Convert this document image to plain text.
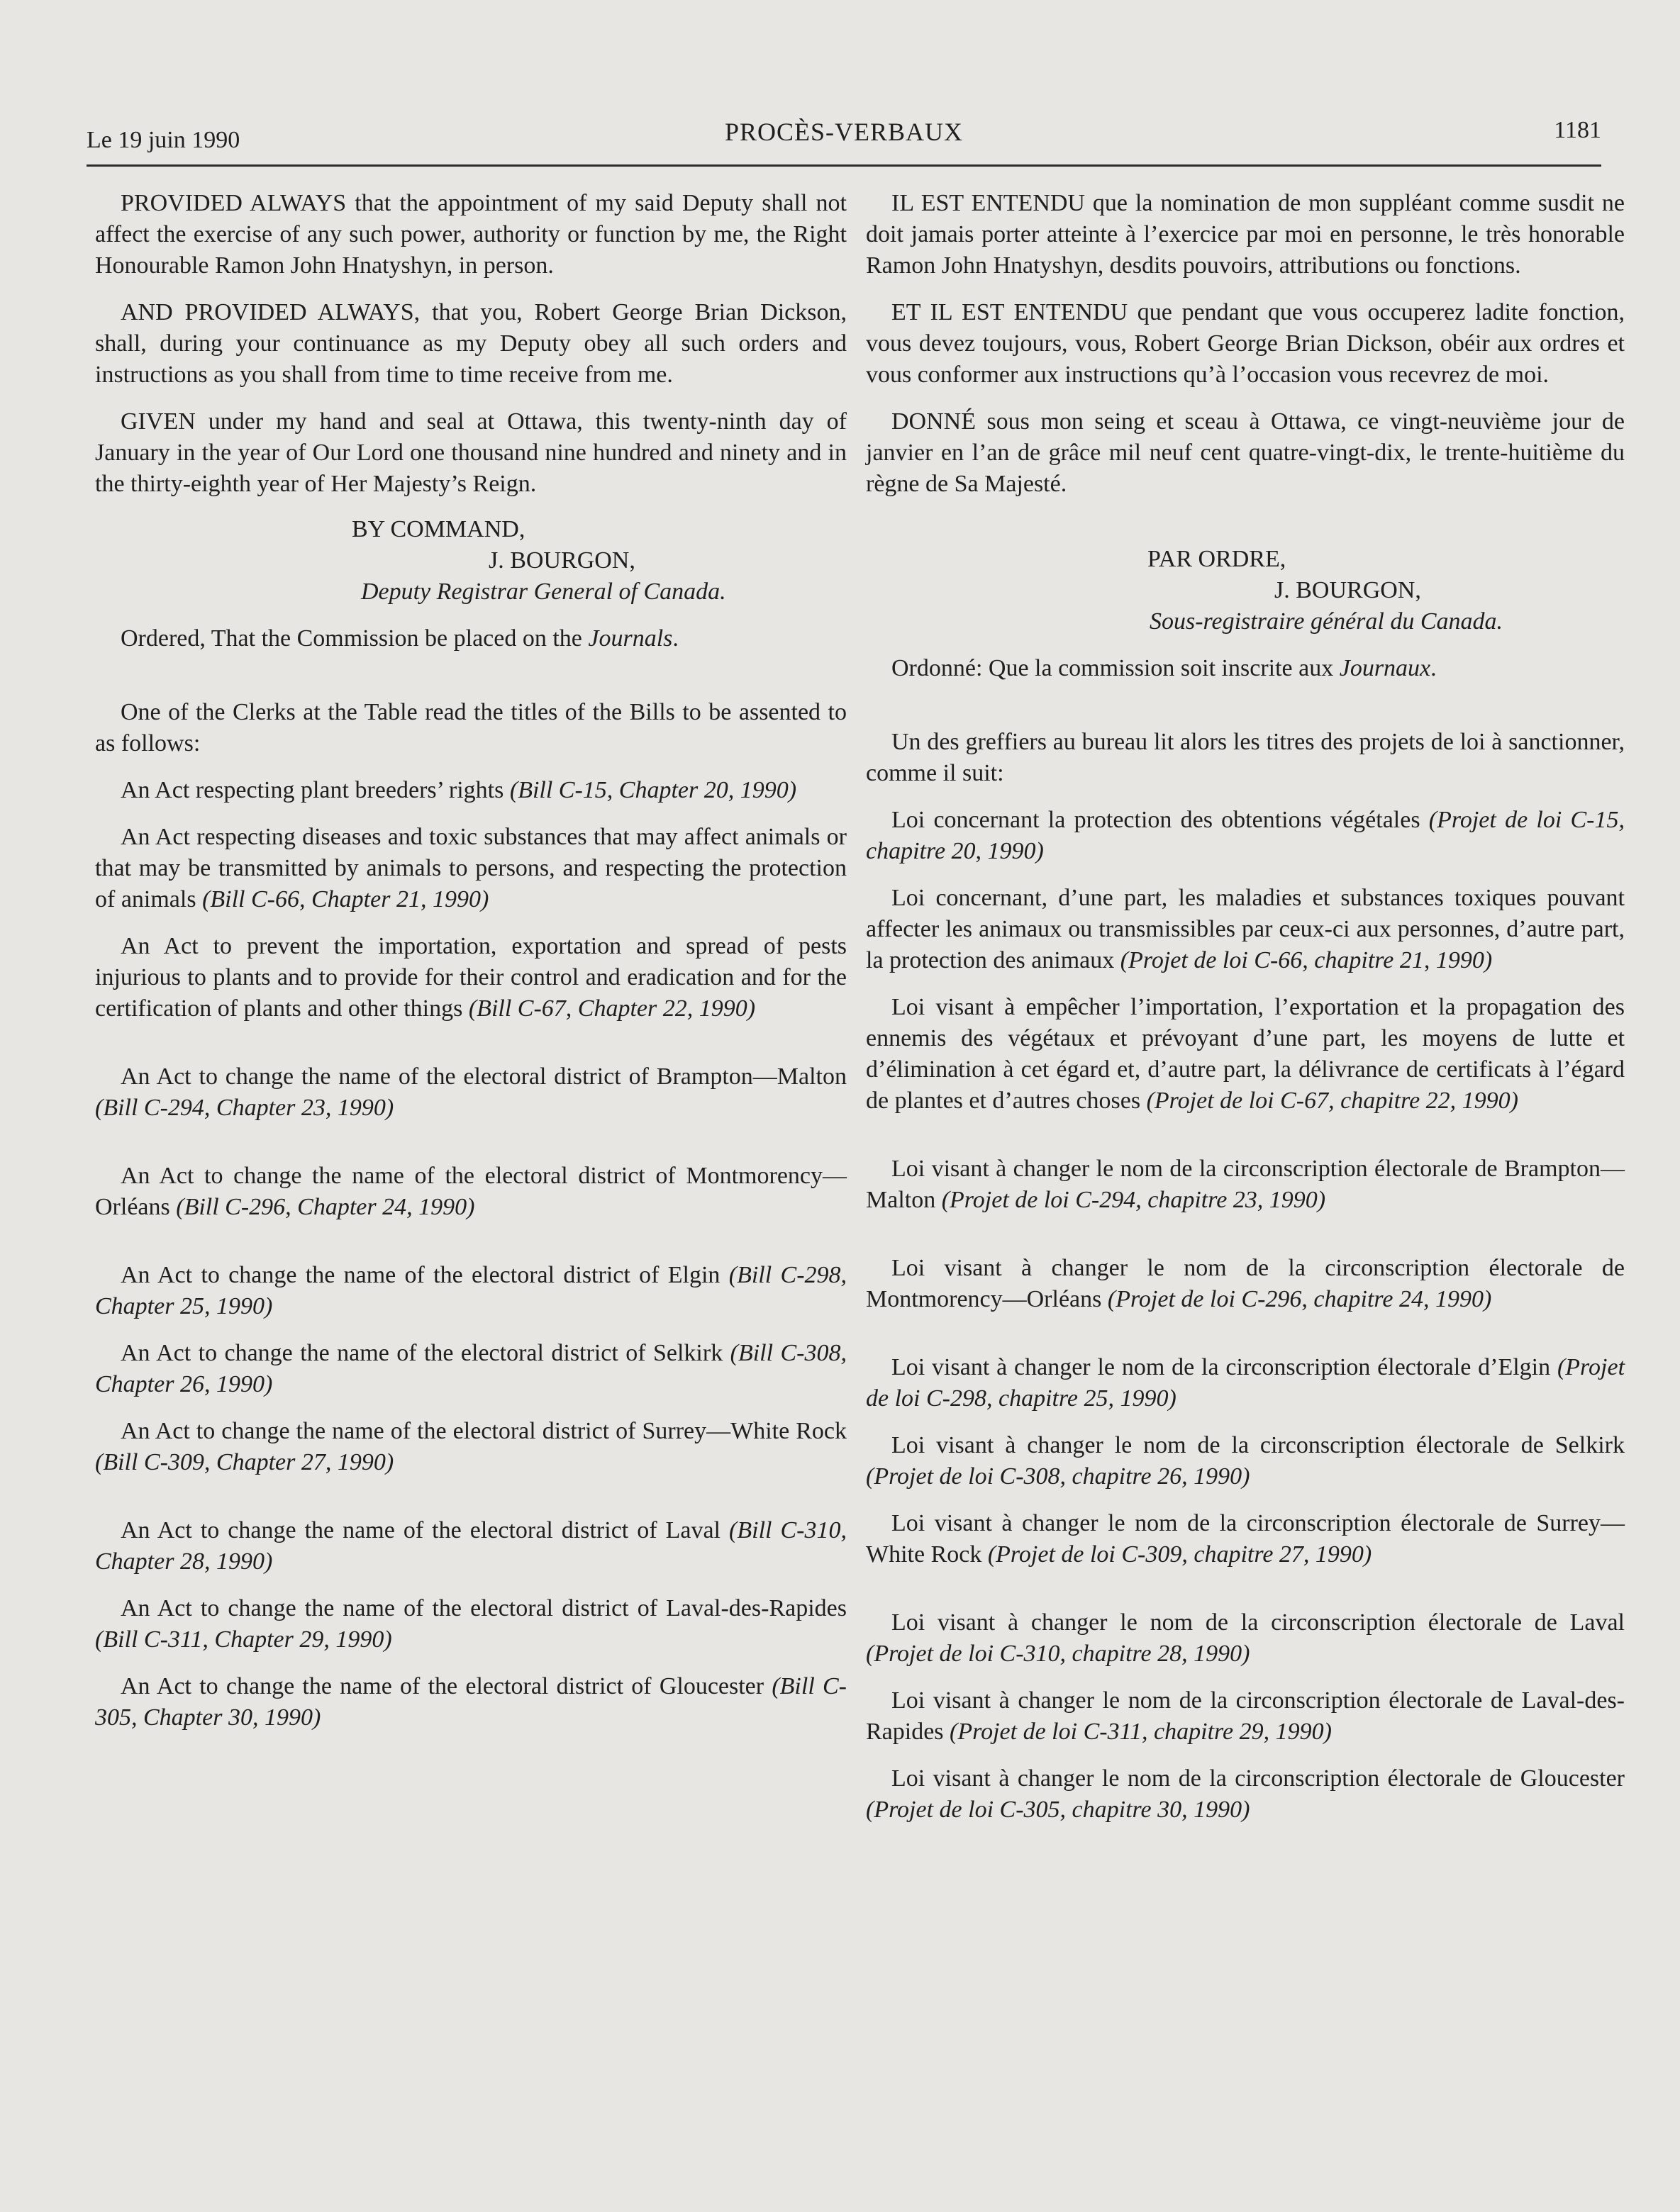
Le 19 juin 1990	PROCÈS-VERBAUX	1181

PROVIDED ALWAYS that the appointment of my said Deputy shall not affect the exercise of any such power, authority or function by me, the Right Honourable Ramon John Hnatyshyn, in person.

AND PROVIDED ALWAYS, that you, Robert George Brian Dickson, shall, during your continuance as my Deputy obey all such orders and instructions as you shall from time to time receive from me.

GIVEN under my hand and seal at Ottawa, this twenty-ninth day of January in the year of Our Lord one thousand nine hundred and ninety and in the thirty-eighth year of Her Majesty’s Reign.

BY COMMAND,
J. BOURGON,
Deputy Registrar General of Canada.

Ordered, That the Commission be placed on the Journals.

One of the Clerks at the Table read the titles of the Bills to be assented to as follows:

An Act respecting plant breeders’ rights (Bill C-15, Chapter 20, 1990)

An Act respecting diseases and toxic substances that may affect animals or that may be transmitted by animals to persons, and respecting the protection of animals (Bill C-66, Chapter 21, 1990)

An Act to prevent the importation, exportation and spread of pests injurious to plants and to provide for their control and eradication and for the certification of plants and other things (Bill C-67, Chapter 22, 1990)

An Act to change the name of the electoral district of Brampton—Malton (Bill C-294, Chapter 23, 1990)

An Act to change the name of the electoral district of Montmorency—Orléans (Bill C-296, Chapter 24, 1990)

An Act to change the name of the electoral district of Elgin (Bill C-298, Chapter 25, 1990)

An Act to change the name of the electoral district of Selkirk (Bill C-308, Chapter 26, 1990)

An Act to change the name of the electoral district of Surrey—White Rock (Bill C-309, Chapter 27, 1990)

An Act to change the name of the electoral district of Laval (Bill C-310, Chapter 28, 1990)

An Act to change the name of the electoral district of Laval-des-Rapides (Bill C-311, Chapter 29, 1990)

An Act to change the name of the electoral district of Gloucester (Bill C-305, Chapter 30, 1990)

IL EST ENTENDU que la nomination de mon suppléant comme susdit ne doit jamais porter atteinte à l’exercice par moi en personne, le très honorable Ramon John Hnatyshyn, desdits pouvoirs, attributions ou fonctions.

ET IL EST ENTENDU que pendant que vous occuperez ladite fonction, vous devez toujours, vous, Robert George Brian Dickson, obéir aux ordres et vous conformer aux instructions qu’à l’occasion vous recevrez de moi.

DONNÉ sous mon seing et sceau à Ottawa, ce vingt-neuvième jour de janvier en l’an de grâce mil neuf cent quatre-vingt-dix, le trente-huitième du règne de Sa Majesté.

PAR ORDRE,
J. BOURGON,
Sous-registraire général du Canada.

Ordonné: Que la commission soit inscrite aux Journaux.

Un des greffiers au bureau lit alors les titres des projets de loi à sanctionner, comme il suit:

Loi concernant la protection des obtentions végétales (Projet de loi C-15, chapitre 20, 1990)

Loi concernant, d’une part, les maladies et substances toxiques pouvant affecter les animaux ou transmissibles par ceux-ci aux personnes, d’autre part, la protection des animaux (Projet de loi C-66, chapitre 21, 1990)

Loi visant à empêcher l’importation, l’exportation et la propagation des ennemis des végétaux et prévoyant d’une part, les moyens de lutte et d’élimination à cet égard et, d’autre part, la délivrance de certificats à l’égard de plantes et d’autres choses (Projet de loi C-67, chapitre 22, 1990)

Loi visant à changer le nom de la circonscription électorale de Brampton—Malton (Projet de loi C-294, chapitre 23, 1990)

Loi visant à changer le nom de la circonscription électorale de Montmorency—Orléans (Projet de loi C-296, chapitre 24, 1990)

Loi visant à changer le nom de la circonscription électorale d’Elgin (Projet de loi C-298, chapitre 25, 1990)

Loi visant à changer le nom de la circonscription électorale de Selkirk (Projet de loi C-308, chapitre 26, 1990)

Loi visant à changer le nom de la circonscription électorale de Surrey—White Rock (Projet de loi C-309, chapitre 27, 1990)

Loi visant à changer le nom de la circonscription électorale de Laval (Projet de loi C-310, chapitre 28, 1990)

Loi visant à changer le nom de la circonscription électorale de Laval-des-Rapides (Projet de loi C-311, chapitre 29, 1990)

Loi visant à changer le nom de la circonscription électorale de Gloucester (Projet de loi C-305, chapitre 30, 1990)
